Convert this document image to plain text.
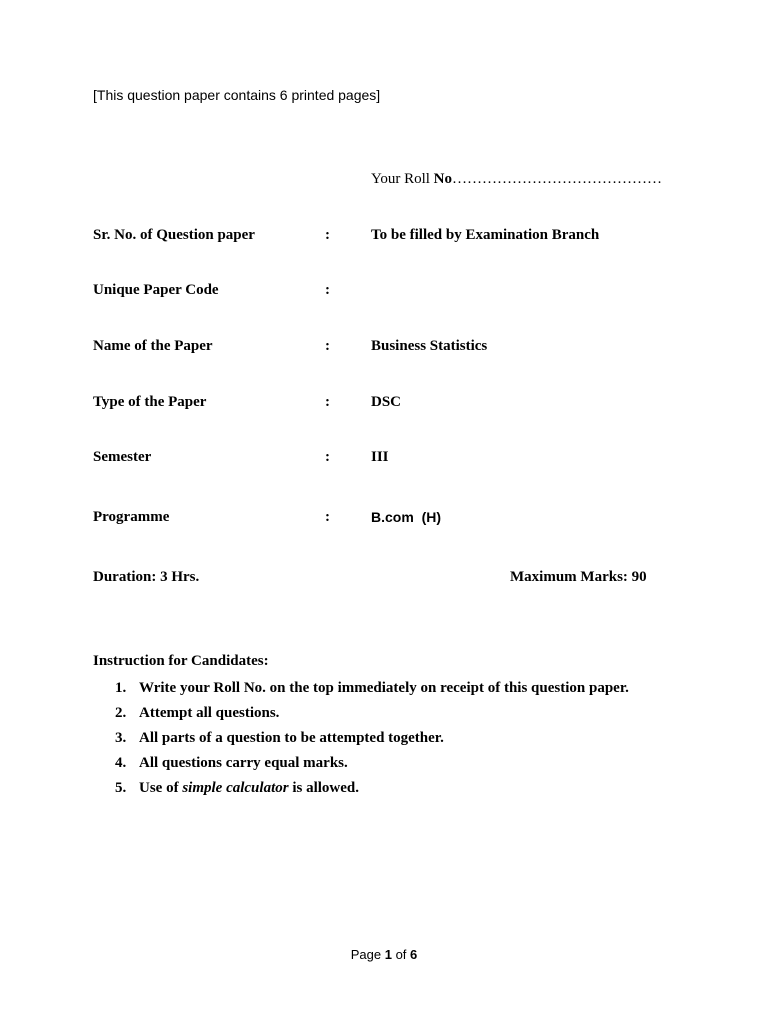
[This question paper contains 6 printed pages]
Your Roll No……………………………………
Sr. No. of Question paper	:	To be filled by Examination Branch
Unique Paper Code	:
Name of the Paper	:	Business Statistics
Type of the Paper	:	DSC
Semester	:	III
Programme	:	B.com  (H)
Duration: 3 Hrs.	Maximum Marks: 90
Instruction for Candidates:
1. Write your Roll No. on the top immediately on receipt of this question paper.
2. Attempt all questions.
3. All parts of a question to be attempted together.
4. All questions carry equal marks.
5. Use of simple calculator is allowed.
Page 1 of 6
